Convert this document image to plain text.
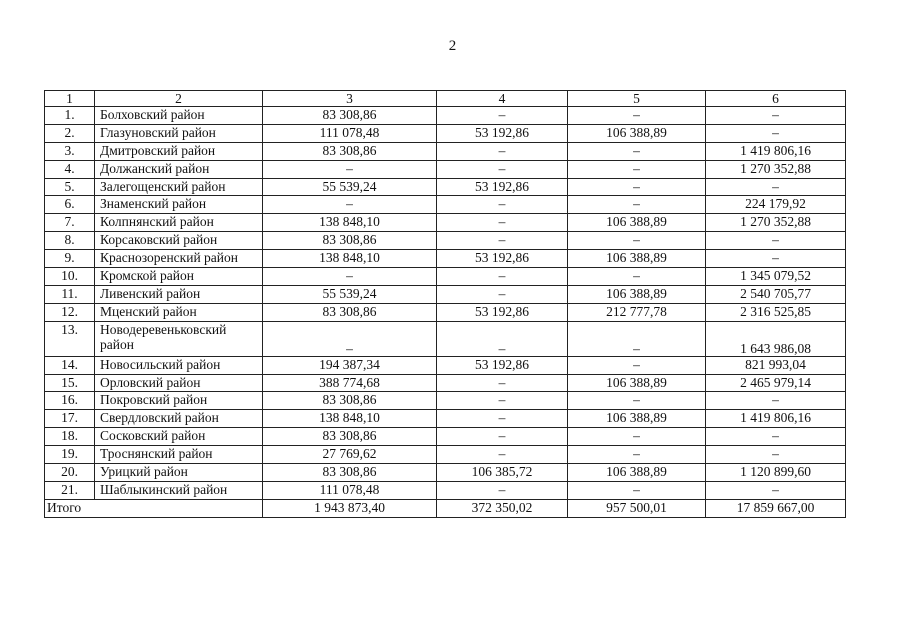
2
1	2	3	4	5	6
1.	Болховский район	83 308,86	–	–	–
2.	Глазуновский район	111 078,48	53 192,86	106 388,89	–
3.	Дмитровский район	83 308,86	–	–	1 419 806,16
4.	Должанский район	–	–	–	1 270 352,88
5.	Залегощенский район	55 539,24	53 192,86	–	–
6.	Знаменский район	–	–	–	224 179,92
7.	Колпнянский район	138 848,10	–	106 388,89	1 270 352,88
8.	Корсаковский район	83 308,86	–	–	–
9.	Краснозоренский район	138 848,10	53 192,86	106 388,89	–
10.	Кромской район	–	–	–	1 345 079,52
11.	Ливенский район	55 539,24	–	106 388,89	2 540 705,77
12.	Мценский район	83 308,86	53 192,86	212 777,78	2 316 525,85
13.	Новодеревеньковский район	–	–	–	1 643 986,08
14.	Новосильский район	194 387,34	53 192,86	–	821 993,04
15.	Орловский район	388 774,68	–	106 388,89	2 465 979,14
16.	Покровский район	83 308,86	–	–	–
17.	Свердловский район	138 848,10	–	106 388,89	1 419 806,16
18.	Сосковский район	83 308,86	–	–	–
19.	Троснянский район	27 769,62	–	–	–
20.	Урицкий район	83 308,86	106 385,72	106 388,89	1 120 899,60
21.	Шаблыкинский район	111 078,48	–	–	–
Итого		1 943 873,40	372 350,02	957 500,01	17 859 667,00
